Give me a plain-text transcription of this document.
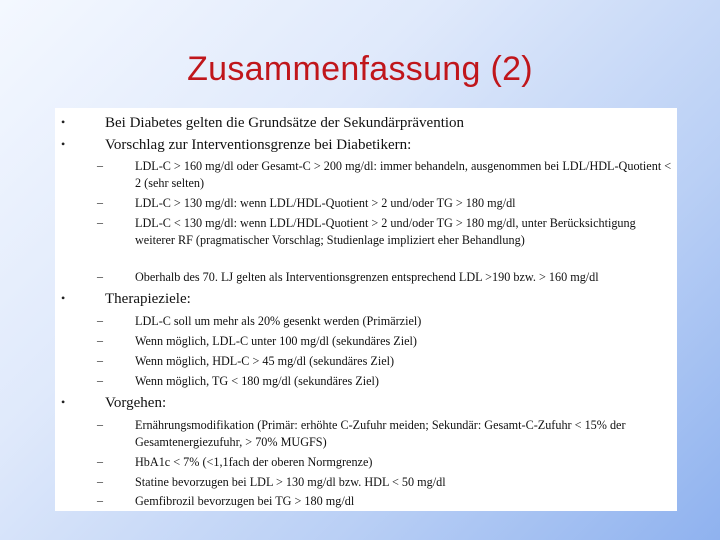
Zusammenfassung (2)
•	Bei Diabetes gelten die Grundsätze der Sekundärprävention
•	Vorschlag zur Interventionsgrenze bei Diabetikern:
–	LDL-C > 160 mg/dl oder Gesamt-C > 200 mg/dl: immer behandeln, ausgenommen bei LDL/HDL-Quotient < 2 (sehr selten)
–	LDL-C > 130 mg/dl: wenn LDL/HDL-Quotient > 2 und/oder TG > 180 mg/dl
–	LDL-C < 130 mg/dl: wenn LDL/HDL-Quotient > 2 und/oder TG > 180 mg/dl, unter Berücksichtigung weiterer RF (pragmatischer Vorschlag; Studienlage impliziert eher Behandlung)
–	Oberhalb des 70. LJ gelten als Interventionsgrenzen entsprechend LDL >190 bzw. > 160 mg/dl
•	Therapieziele:
–	LDL-C soll um mehr als 20% gesenkt werden (Primärziel)
–	Wenn möglich, LDL-C unter 100 mg/dl (sekundäres Ziel)
–	Wenn möglich, HDL-C > 45 mg/dl (sekundäres Ziel)
–	Wenn möglich, TG < 180 mg/dl (sekundäres Ziel)
•	Vorgehen:
–	Ernährungsmodifikation (Primär: erhöhte C-Zufuhr meiden; Sekundär: Gesamt-C-Zufuhr < 15% der Gesamtenergiezufuhr, > 70% MUGFS)
–	HbA1c < 7% (<1,1fach der oberen Normgrenze)
–	Statine bevorzugen bei LDL > 130 mg/dl bzw. HDL < 50 mg/dl
–	Gemfibrozil bevorzugen bei TG > 180 mg/dl
